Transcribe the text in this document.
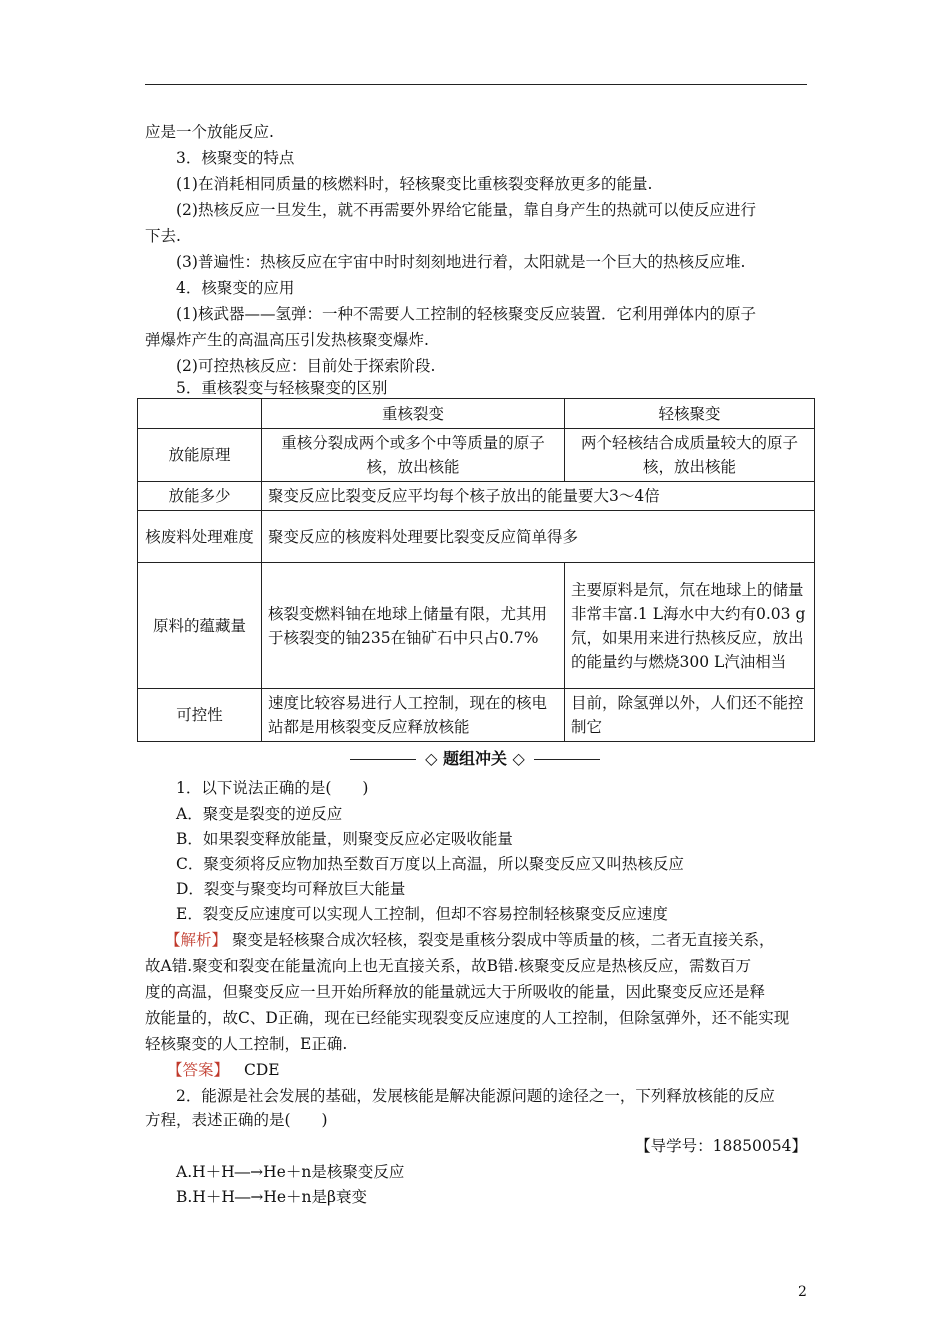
应是一个放能反应.
3．核聚变的特点
(1)在消耗相同质量的核燃料时，轻核聚变比重核裂变释放更多的能量.
(2)热核反应一旦发生，就不再需要外界给它能量，靠自身产生的热就可以使反应进行
下去.
(3)普遍性：热核反应在宇宙中时时刻刻地进行着，太阳就是一个巨大的热核反应堆.
4．核聚变的应用
(1)核武器——氢弹：一种不需要人工控制的轻核聚变反应装置．它利用弹体内的原子
弹爆炸产生的高温高压引发热核聚变爆炸.
(2)可控热核反应：目前处于探索阶段.
5．重核裂变与轻核聚变的区别
	重核裂变	轻核聚变
放能原理	重核分裂成两个或多个中等质量的原子核，放出核能	两个轻核结合成质量较大的原子核，放出核能
放能多少	聚变反应比裂变反应平均每个核子放出的能量要大3～4倍	
核废料处理难度	聚变反应的核废料处理要比裂变反应简单得多	
原料的蕴藏量	核裂变燃料铀在地球上储量有限，尤其用于核裂变的铀235在铀矿石中只占0.7%	主要原料是氘，氘在地球上的储量非常丰富.1 L海水中大约有0.03 g氘，如果用来进行热核反应，放出的能量约与燃烧300 L汽油相当
可控性	速度比较容易进行人工控制，现在的核电站都是用核裂变反应释放核能	目前，除氢弹以外，人们还不能控制它
◇ 题组冲关 ◇
1．以下说法正确的是(　　)
A．聚变是裂变的逆反应
B．如果裂变释放能量，则聚变反应必定吸收能量
C．聚变须将反应物加热至数百万度以上高温，所以聚变反应又叫热核反应
D．裂变与聚变均可释放巨大能量
E．裂变反应速度可以实现人工控制，但却不容易控制轻核聚变反应速度
【解析】 聚变是轻核聚合成次轻核，裂变是重核分裂成中等质量的核，二者无直接关系，
故A错.聚变和裂变在能量流向上也无直接关系，故B错.核聚变反应是热核反应，需数百万
度的高温，但聚变反应一旦开始所释放的能量就远大于所吸收的能量，因此聚变反应还是释
放能量的，故C、D正确，现在已经能实现裂变反应速度的人工控制，但除氢弹外，还不能实现
轻核聚变的人工控制，E正确.
【答案】 CDE
2．能源是社会发展的基础，发展核能是解决能源问题的途径之一，下列释放核能的反应
方程，表述正确的是(　　)
【导学号：18850054】
A.H＋H―→He＋n是核聚变反应
B.H＋H―→He＋n是β衰变
2
